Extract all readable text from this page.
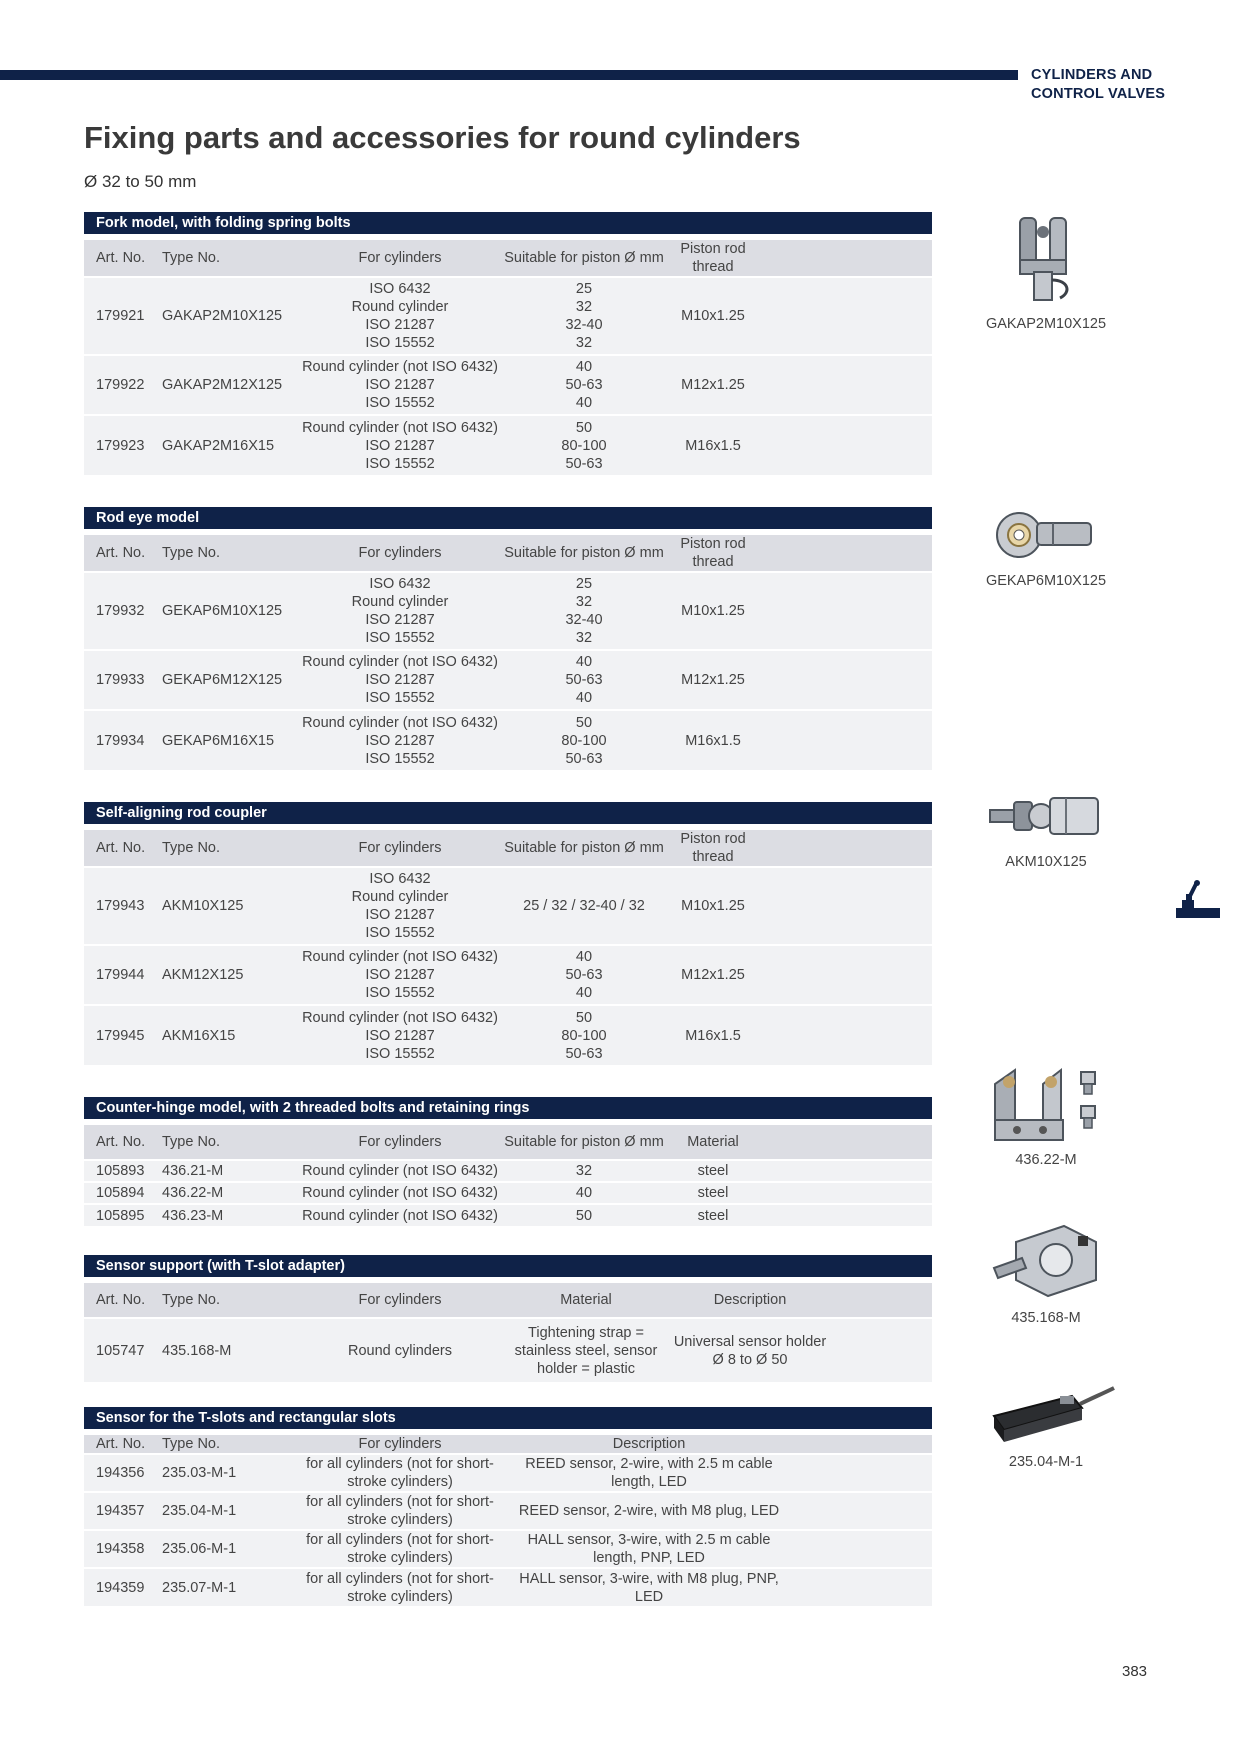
CYLINDERS AND
CONTROL VALVES
Fixing parts and accessories for round cylinders
Ø 32 to 50 mm
Fork model, with folding spring bolts
Art. No.	Type No.	For cylinders	Suitable for piston Ø mm	Piston rod thread	
179921	GAKAP2M10X125	ISO 6432
Round cylinder
ISO 21287
ISO 15552	25
32
32-40
32	M10x1.25	
179922	GAKAP2M12X125	Round cylinder (not ISO 6432)
ISO 21287
ISO 15552	40
50-63
40	M12x1.25	
179923	GAKAP2M16X15	Round cylinder (not ISO 6432)
ISO 21287
ISO 15552	50
80-100
50-63	M16x1.5	
Rod eye model
Art. No.	Type No.	For cylinders	Suitable for piston Ø mm	Piston rod thread	
179932	GEKAP6M10X125	ISO 6432
Round cylinder
ISO 21287
ISO 15552	25
32
32-40
32	M10x1.25	
179933	GEKAP6M12X125	Round cylinder (not ISO 6432)
ISO 21287
ISO 15552	40
50-63
40	M12x1.25	
179934	GEKAP6M16X15	Round cylinder (not ISO 6432)
ISO 21287
ISO 15552	50
80-100
50-63	M16x1.5	
Self-aligning rod coupler
Art. No.	Type No.	For cylinders	Suitable for piston Ø mm	Piston rod thread	
179943	AKM10X125	ISO 6432
Round cylinder
ISO 21287
ISO 15552	25 / 32 / 32-40 / 32	M10x1.25	
179944	AKM12X125	Round cylinder (not ISO 6432)
ISO 21287
ISO 15552	40
50-63
40	M12x1.25	
179945	AKM16X15	Round cylinder (not ISO 6432)
ISO 21287
ISO 15552	50
80-100
50-63	M16x1.5	
Counter-hinge model, with 2 threaded bolts and retaining rings
Art. No.	Type No.	For cylinders	Suitable for piston Ø mm	Material	
105893	436.21-M	Round cylinder (not ISO 6432)	32	steel	
105894	436.22-M	Round cylinder (not ISO 6432)	40	steel	
105895	436.23-M	Round cylinder (not ISO 6432)	50	steel	
Sensor support (with T-slot adapter)
Art. No.	Type No.	For cylinders	Material	Description	
105747	435.168-M	Round cylinders	Tightening strap = stainless steel, sensor holder = plastic	Universal sensor holder Ø 8 to Ø 50	
Sensor for the T-slots and rectangular slots
Art. No.	Type No.	For cylinders	Description	
194356	235.03-M-1	for all cylinders (not for short-stroke cylinders)	REED sensor, 2-wire, with 2.5 m cable length, LED	
194357	235.04-M-1	for all cylinders (not for short-stroke cylinders)	REED sensor, 2-wire, with M8 plug, LED	
194358	235.06-M-1	for all cylinders (not for short-stroke cylinders)	HALL sensor, 3-wire, with 2.5 m cable length, PNP, LED	
194359	235.07-M-1	for all cylinders (not for short-stroke cylinders)	HALL sensor, 3-wire, with M8 plug, PNP, LED	
GAKAP2M10X125
GEKAP6M10X125
AKM10X125
436.22-M
435.168-M
235.04-M-1
383
